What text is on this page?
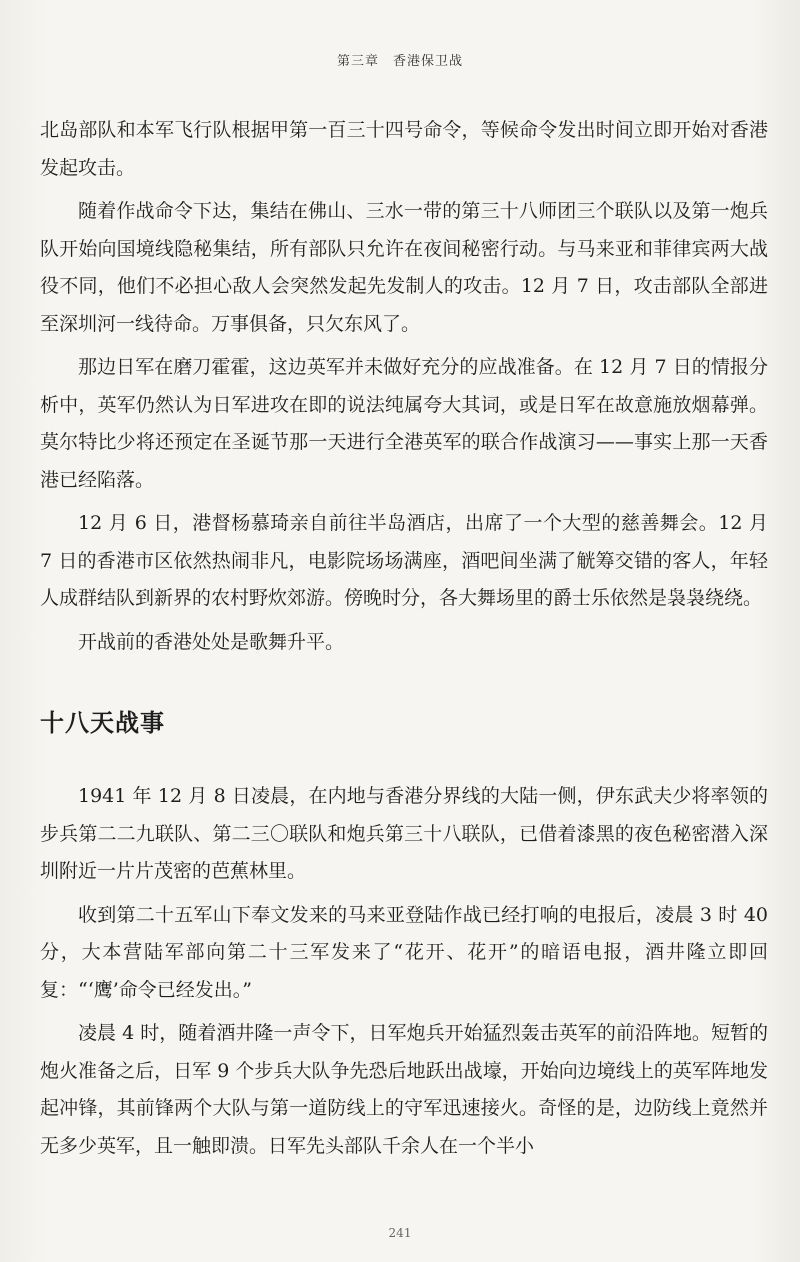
第三章　香港保卫战

北岛部队和本军飞行队根据甲第一百三十四号命令，等候命令发出时间立即开始对香港发起攻击。

随着作战命令下达，集结在佛山、三水一带的第三十八师团三个联队以及第一炮兵队开始向国境线隐秘集结，所有部队只允许在夜间秘密行动。与马来亚和菲律宾两大战役不同，他们不必担心敌人会突然发起先发制人的攻击。12 月 7 日，攻击部队全部进至深圳河一线待命。万事俱备，只欠东风了。

那边日军在磨刀霍霍，这边英军并未做好充分的应战准备。在 12 月 7 日的情报分析中，英军仍然认为日军进攻在即的说法纯属夸大其词，或是日军在故意施放烟幕弹。莫尔特比少将还预定在圣诞节那一天进行全港英军的联合作战演习——事实上那一天香港已经陷落。

12 月 6 日，港督杨慕琦亲自前往半岛酒店，出席了一个大型的慈善舞会。12 月 7 日的香港市区依然热闹非凡，电影院场场满座，酒吧间坐满了觥筹交错的客人，年轻人成群结队到新界的农村野炊郊游。傍晚时分，各大舞场里的爵士乐依然是袅袅绕绕。

开战前的香港处处是歌舞升平。

十八天战事

1941 年 12 月 8 日凌晨，在内地与香港分界线的大陆一侧，伊东武夫少将率领的步兵第二二九联队、第二三〇联队和炮兵第三十八联队，已借着漆黑的夜色秘密潜入深圳附近一片片茂密的芭蕉林里。

收到第二十五军山下奉文发来的马来亚登陆作战已经打响的电报后，凌晨 3 时 40 分，大本营陆军部向第二十三军发来了“花开、花开”的暗语电报，酒井隆立即回复：“‘鹰’命令已经发出。”

凌晨 4 时，随着酒井隆一声令下，日军炮兵开始猛烈轰击英军的前沿阵地。短暂的炮火准备之后，日军 9 个步兵大队争先恐后地跃出战壕，开始向边境线上的英军阵地发起冲锋，其前锋两个大队与第一道防线上的守军迅速接火。奇怪的是，边防线上竟然并无多少英军，且一触即溃。日军先头部队千余人在一个半小

241
